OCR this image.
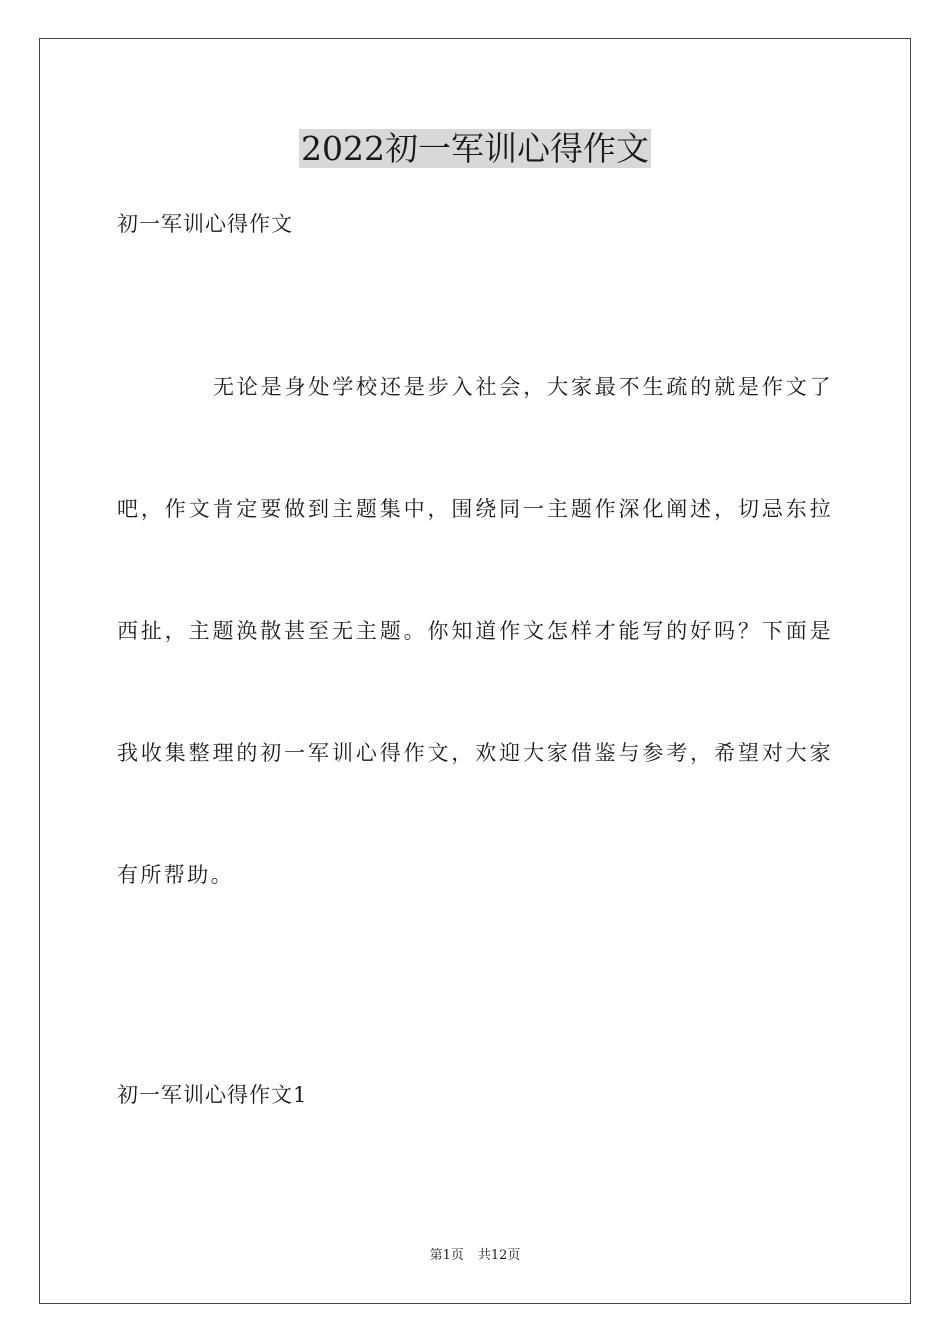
2022初一军训心得作文

初一军训心得作文

无论是身处学校还是步入社会，大家最不生疏的就是作文了吧，作文肯定要做到主题集中，围绕同一主题作深化阐述，切忌东拉西扯，主题涣散甚至无主题。你知道作文怎样才能写的好吗？下面是我收集整理的初一军训心得作文，欢迎大家借鉴与参考，希望对大家有所帮助。

初一军训心得作文1

第1页 共12页
